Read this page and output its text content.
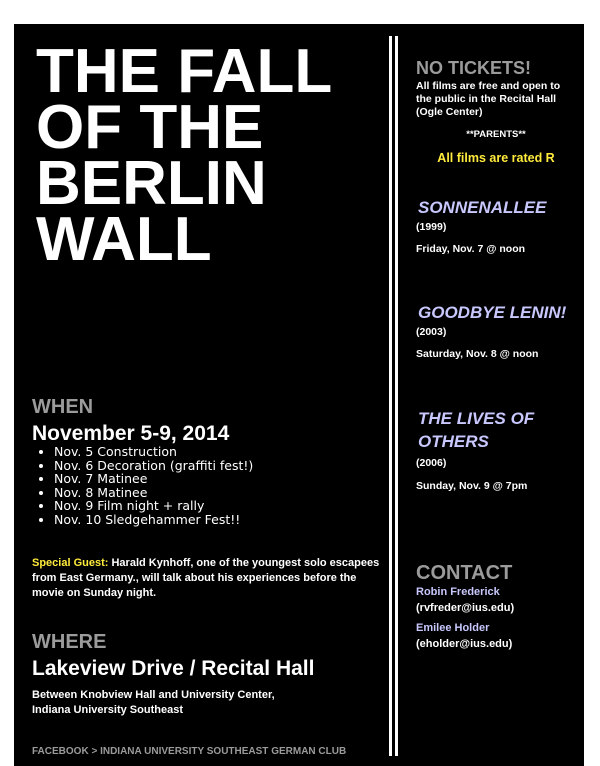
THE FALL
OF THE
BERLIN
WALL

WHEN

November 5-9, 2014

• Nov. 5 Construction
• Nov. 6 Decoration (graffiti fest!)
• Nov. 7 Matinee
• Nov. 8 Matinee
• Nov. 9 Film night + rally
• Nov. 10 Sledgehammer Fest!!

Special Guest: Harald Kynhoff, one of the youngest solo escapees from East Germany., will talk about his experiences before the movie on Sunday night.

WHERE

Lakeview Drive / Recital Hall

Between Knobview Hall and University Center,
Indiana University Southeast

FACEBOOK > INDIANA UNIVERSITY SOUTHEAST GERMAN CLUB

NO TICKETS!

All films are free and open to the public in the Recital Hall (Ogle Center)

**PARENTS**

All films are rated R

SONNENALLEE

(1999)

Friday, Nov. 7 @ noon

GOODBYE LENIN!

(2003)

Saturday, Nov. 8 @ noon

THE LIVES OF OTHERS

(2006)

Sunday, Nov. 9 @ 7pm

CONTACT

Robin Frederick

(rvfreder@ius.edu)

Emilee Holder

(eholder@ius.edu)
